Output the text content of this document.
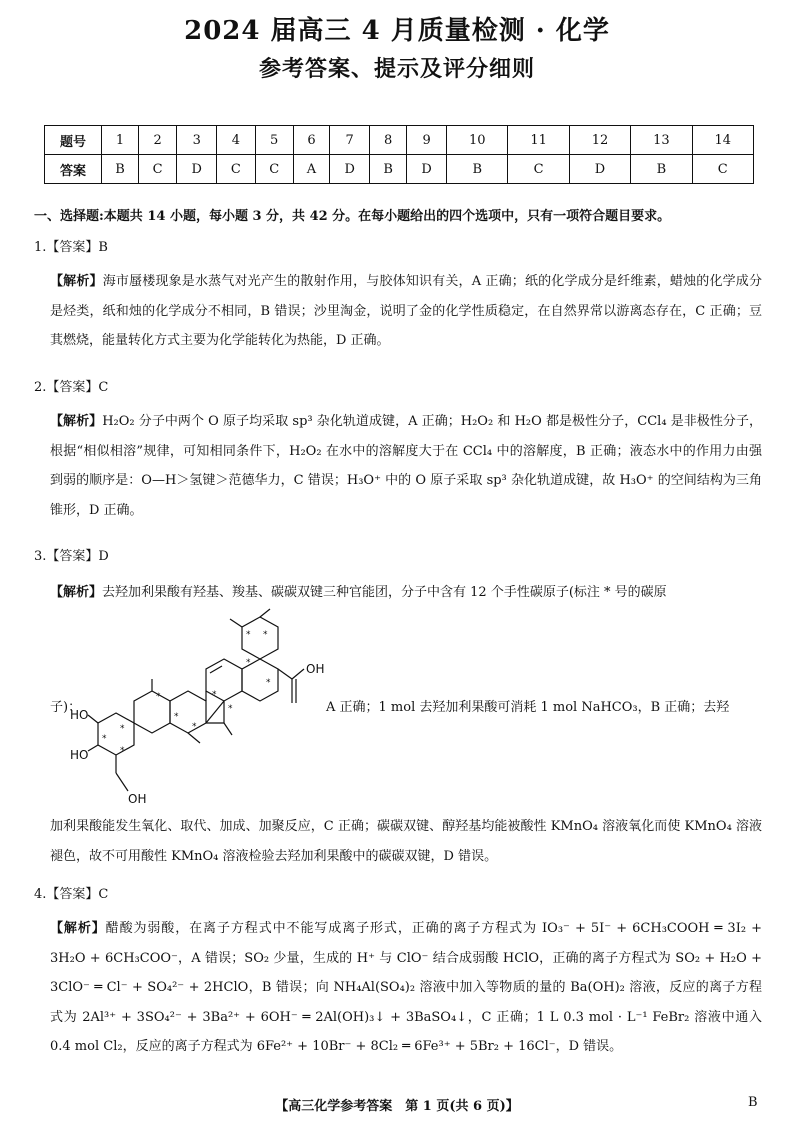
2024 届高三 4 月质量检测 · 化学
参考答案、提示及评分细则
题号	1	2	3	4	5	6	7	8	9	10	11	12	13	14
答案	B	C	D	C	C	A	D	B	D	B	C	D	B	C
一、选择题:本题共 14 小题，每小题 3 分，共 42 分。在每小题给出的四个选项中，只有一项符合题目要求。
1.【答案】B
【解析】海市蜃楼现象是水蒸气对光产生的散射作用，与胶体知识有关，A 正确；纸的化学成分是纤维素，蜡烛的化学成分是烃类，纸和烛的化学成分不相同，B 错误；沙里淘金，说明了金的化学性质稳定，在自然界常以游离态存在，C 正确；豆萁燃烧，能量转化方式主要为化学能转化为热能，D 正确。
2.【答案】C
【解析】H₂O₂ 分子中两个 O 原子均采取 sp³ 杂化轨道成键，A 正确；H₂O₂ 和 H₂O 都是极性分子，CCl₄ 是非极性分子，根据“相似相溶”规律，可知相同条件下，H₂O₂ 在水中的溶解度大于在 CCl₄ 中的溶解度，B 正确；液态水中的作用力由强到弱的顺序是：O—H＞氢键＞范德华力，C 错误；H₃O⁺ 中的 O 原子采取 sp³ 杂化轨道成键，故 H₃O⁺ 的空间结构为三角锥形，D 正确。
3.【答案】D
【解析】去羟加利果酸有羟基、羧基、碳碳双键三种官能团，分子中含有 12 个手性碳原子(标注 * 号的碳原
子)：	A 正确；1 mol 去羟加利果酸可消耗 1 mol NaHCO₃，B 正确；去羟
OH
HO
HO
OH
*
*
*
*
*
*
*
*
*
*
*
*
加利果酸能发生氧化、取代、加成、加聚反应，C 正确；碳碳双键、醇羟基均能被酸性 KMnO₄ 溶液氧化而使 KMnO₄ 溶液褪色，故不可用酸性 KMnO₄ 溶液检验去羟加利果酸中的碳碳双键，D 错误。
4.【答案】C
【解析】醋酸为弱酸，在离子方程式中不能写成离子形式，正确的离子方程式为 IO₃⁻ + 5I⁻ + 6CH₃COOH ═ 3I₂ + 3H₂O + 6CH₃COO⁻，A 错误；SO₂ 少量，生成的 H⁺ 与 ClO⁻ 结合成弱酸 HClO，正确的离子方程式为 SO₂ + H₂O + 3ClO⁻ ═ Cl⁻ + SO₄²⁻ + 2HClO，B 错误；向 NH₄Al(SO₄)₂ 溶液中加入等物质的量的 Ba(OH)₂ 溶液，反应的离子方程式为 2Al³⁺ + 3SO₄²⁻ + 3Ba²⁺ + 6OH⁻ ═ 2Al(OH)₃↓ + 3BaSO₄↓，C 正确；1 L 0.3 mol · L⁻¹ FeBr₂ 溶液中通入 0.4 mol Cl₂，反应的离子方程式为 6Fe²⁺ + 10Br⁻ + 8Cl₂ ═ 6Fe³⁺ + 5Br₂ + 16Cl⁻，D 错误。
【高三化学参考答案　第 1 页(共 6 页)】	B
